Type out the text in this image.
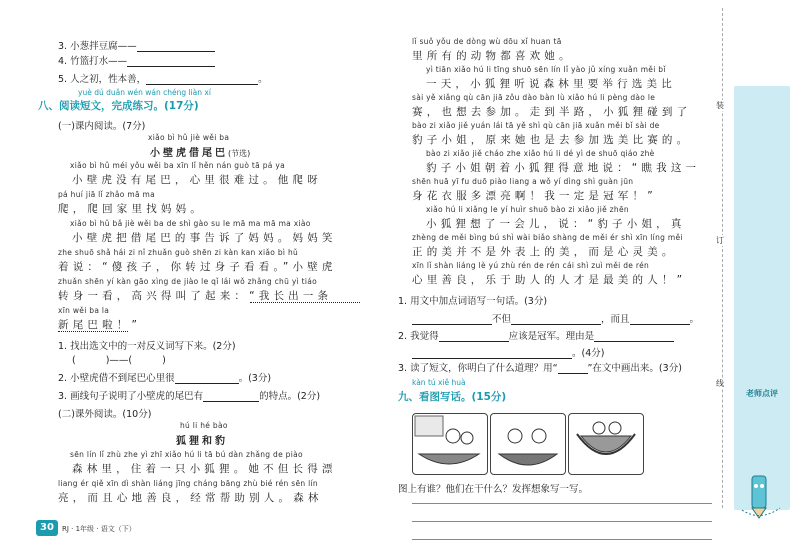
3. 小葱拌豆腐——
4. 竹篮打水——
5. 人之初，性本善，	。
yuè dú duǎn wén wán chéng liàn xí
八、阅读短文，完成练习。(17分)
(一)课内阅读。(7分)
xiǎo bì hǔ jiè wěi ba
小壁虎借尾巴(节选)
xiǎo bì hǔ méi yǒu wěi ba xīn lǐ hěn nán guò tā pá ya
小壁虎没有尾巴，心里很难过。他爬呀
pá huí jiā lǐ zhǎo mā ma
爬，爬回家里找妈妈。
xiǎo bì hǔ bǎ jiè wěi ba de shì gào su le mā ma mā ma xiào
小壁虎把借尾巴的事告诉了妈妈。妈妈笑
zhe shuō shǎ hái zi nǐ zhuǎn guò shēn zi kàn kan xiǎo bì hǔ
着说：“傻孩子，你转过身子看看。”小壁虎
zhuǎn shēn yí kàn gāo xìng de jiào le qǐ lái wǒ zhǎng chū yì tiáo
转身一看，高兴得叫了起来：“我长出一条
xīn wěi ba la
新尾巴啦！”
1. 找出选文中的一对反义词写下来。(2分)
(	)——(	)
2. 小壁虎借不到尾巴心里很	。(3分)
3. 画线句子说明了小壁虎的尾巴有	的特点。(2分)
(二)课外阅读。(10分)
hú li hé bào
狐狸和豹
sēn lín lǐ zhù zhe yì zhī xiǎo hú li tā bú dàn zhǎng de piào
森林里，住着一只小狐狸。她不但长得漂
liang ér qiě xīn dì shàn liáng jīng cháng bāng zhù bié rén sēn lín
亮，而且心地善良，经常帮助别人。森林
30	RJ · 1年级 · 语文（下）
lǐ suǒ yǒu de dòng wù dōu xǐ huan tā
里所有的动物都喜欢她。
yì tiān xiǎo hú li tīng shuō sēn lín lǐ yào jǔ xíng xuǎn měi bǐ
一天，小狐狸听说森林里要举行选美比
sài yě xiǎng qù cān jiā zǒu dào bàn lù xiǎo hú li pèng dào le
赛，也想去参加。走到半路，小狐狸碰到了
bào zi xiǎo jiě yuán lái tā yě shì qù cān jiā xuǎn měi bǐ sài de
豹子小姐，原来她也是去参加选美比赛的。
bào zi xiǎo jiě cháo zhe xiǎo hú li dé yì de shuō qiáo zhè
豹子小姐朝着小狐狸得意地说：“瞧我这一
shēn huā yī fu duō piào liang a wǒ yí dìng shì guàn jūn
身花衣服多漂亮啊！我一定是冠军！”
xiǎo hú li xiǎng le yí huìr shuō bào zi xiǎo jiě zhēn
小狐狸想了一会儿，说：“豹子小姐，真
zhèng de měi bìng bú shì wài biǎo shàng de měi ér shì xīn líng měi
正的美并不是外表上的美，而是心灵美。
xīn lǐ shàn liáng lè yú zhù rén de rén cái shì zuì měi de rén
心里善良，乐于助人的人才是最美的人！”
1. 用文中加点词语写一句话。(3分)
不但	，而且	。
2. 我觉得	应该是冠军。理由是
。(4分)
3. 读了短文，你明白了什么道理？用“	”在文中画出来。(3分)
kàn tú xiě huà
九、看图写话。(15分)
图上有谁？他们在干什么？发挥想象写一写。
装
订
线
老师点评
